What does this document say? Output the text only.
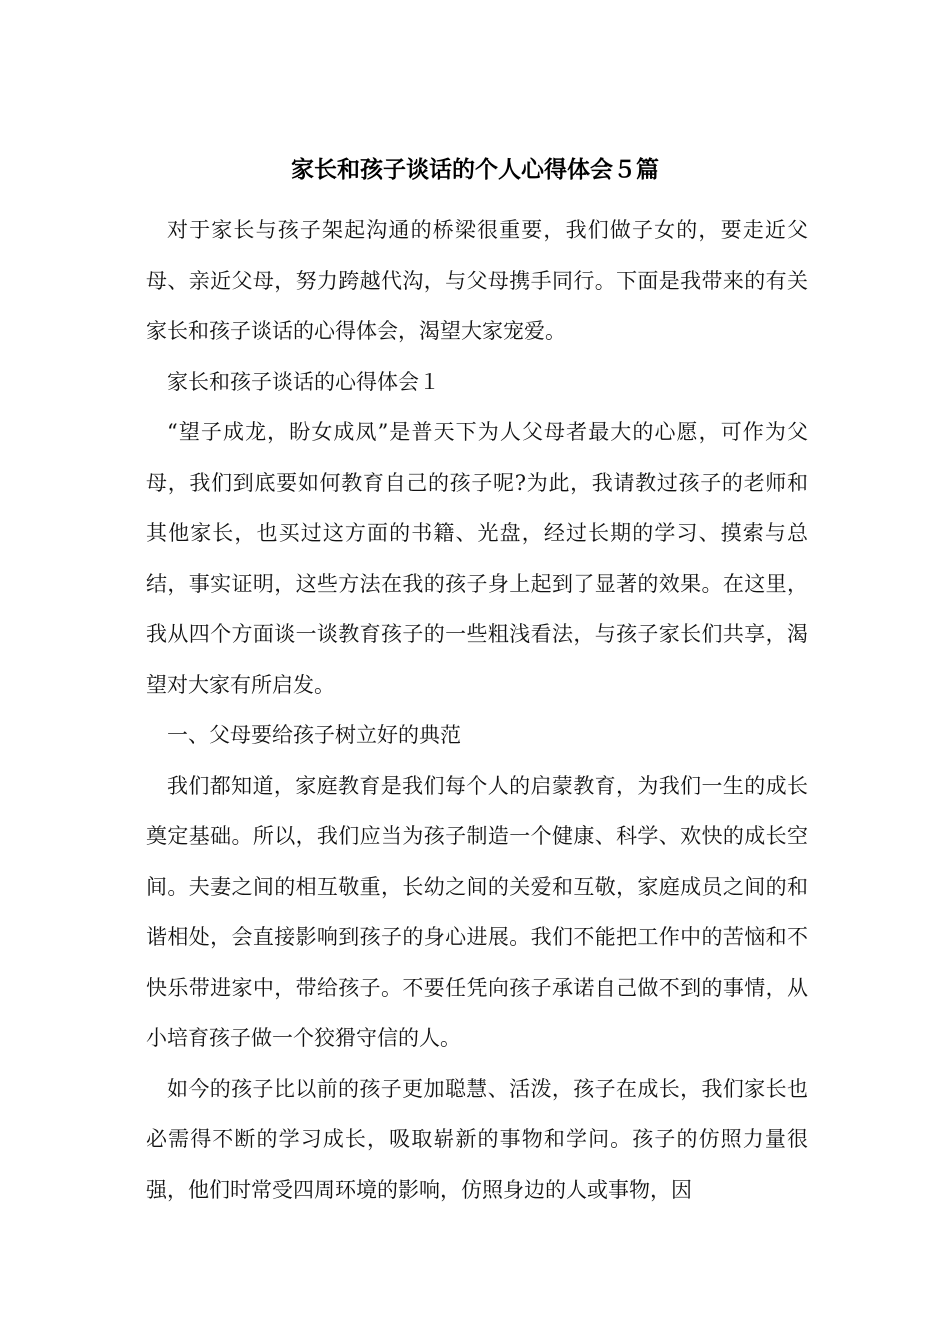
家长和孩子谈话的个人心得体会５篇

对于家长与孩子架起沟通的桥梁很重要，我们做子女的，要走近父母、亲近父母，努力跨越代沟，与父母携手同行。下面是我带来的有关家长和孩子谈话的心得体会，渴望大家宠爱。

家长和孩子谈话的心得体会１

“望子成龙，盼女成凤”是普天下为人父母者最大的心愿，可作为父母，我们到底要如何教育自己的孩子呢?为此，我请教过孩子的老师和其他家长，也买过这方面的书籍、光盘，经过长期的学习、摸索与总结，事实证明，这些方法在我的孩子身上起到了显著的效果。在这里，我从四个方面谈一谈教育孩子的一些粗浅看法，与孩子家长们共享，渴望对大家有所启发。

一、父母要给孩子树立好的典范

我们都知道，家庭教育是我们每个人的启蒙教育，为我们一生的成长奠定基础。所以，我们应当为孩子制造一个健康、科学、欢快的成长空间。夫妻之间的相互敬重，长幼之间的关爱和互敬，家庭成员之间的和谐相处，会直接影响到孩子的身心进展。我们不能把工作中的苦恼和不快乐带进家中，带给孩子。不要任凭向孩子承诺自己做不到的事情，从小培育孩子做一个狡猾守信的人。

如今的孩子比以前的孩子更加聪慧、活泼，孩子在成长，我们家长也必需得不断的学习成长，吸取崭新的事物和学问。孩子的仿照力量很强，他们时常受四周环境的影响，仿照身边的人或事物，因
